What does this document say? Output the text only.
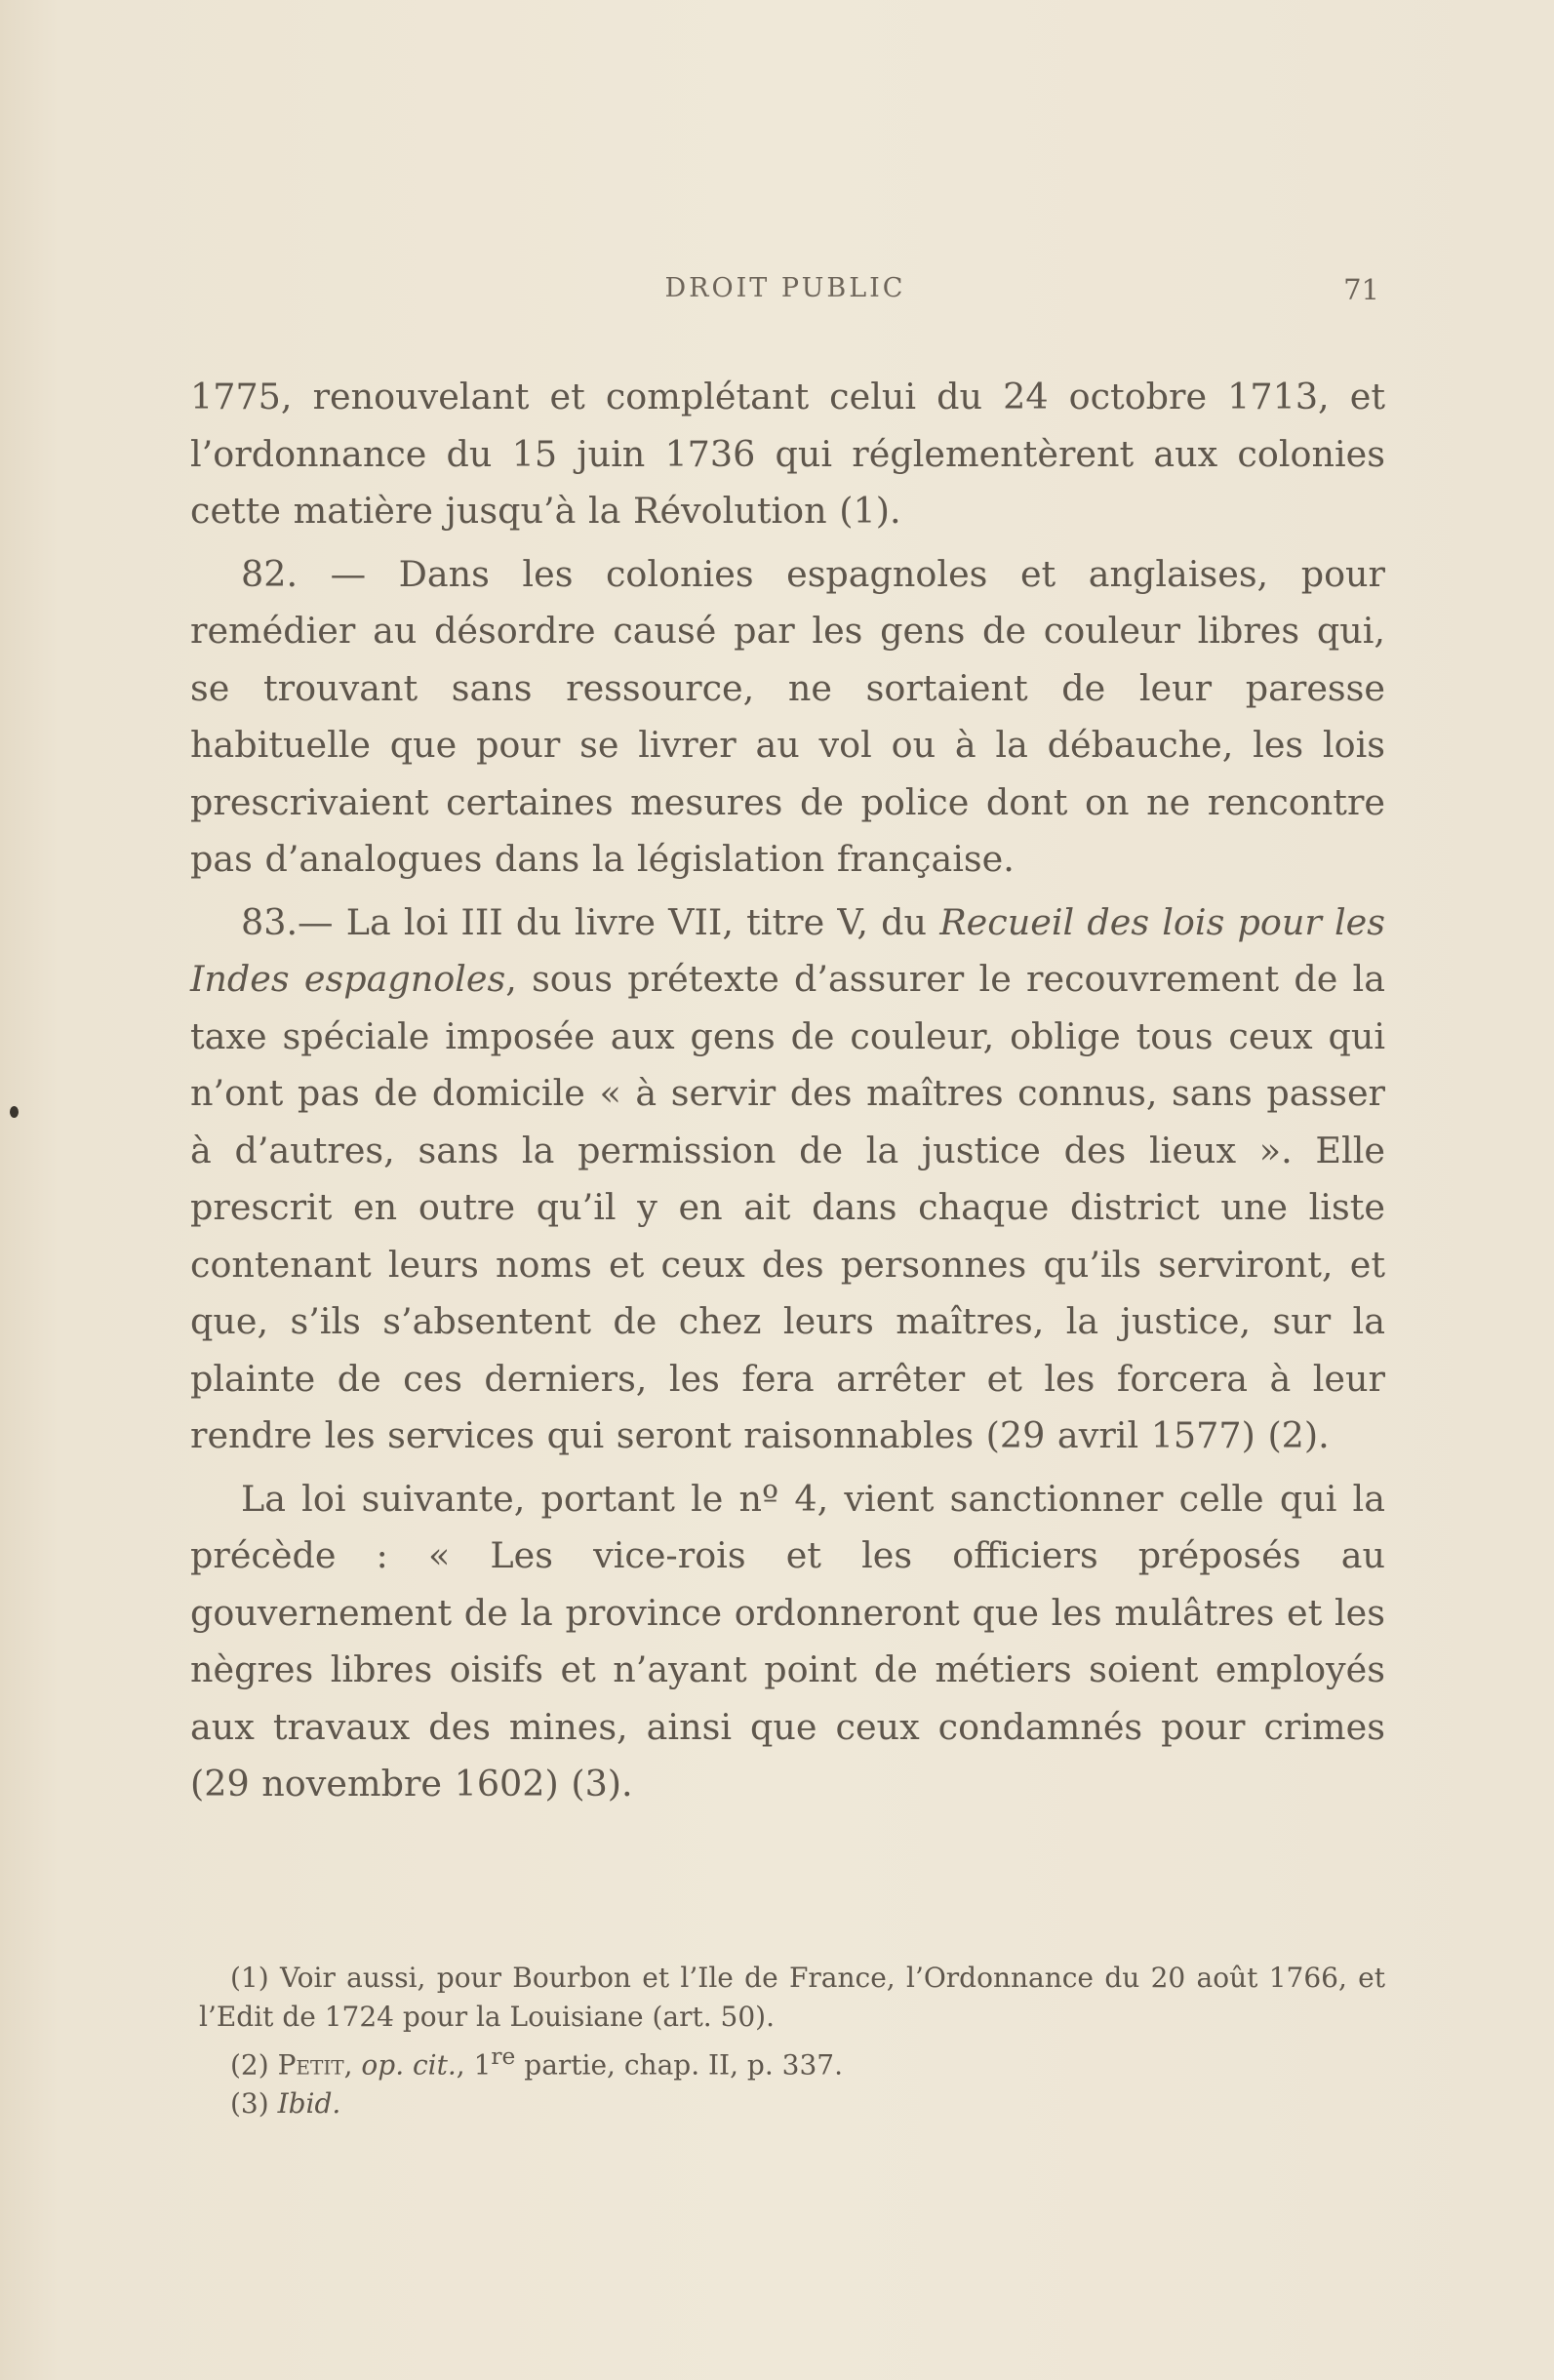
DROIT PUBLIC	71

1775, renouvelant et complétant celui du 24 octobre 1713, et l’ordonnance du 15 juin 1736 qui réglementèrent aux colonies cette matière jusqu’à la Révolution (1).

82. — Dans les colonies espagnoles et anglaises, pour remédier au désordre causé par les gens de couleur libres qui, se trouvant sans ressource, ne sortaient de leur paresse habituelle que pour se livrer au vol ou à la débauche, les lois prescrivaient certaines mesures de police dont on ne rencontre pas d’analogues dans la législation française.

83.— La loi III du livre VII, titre V, du Recueil des lois pour les Indes espagnoles, sous prétexte d’assurer le recouvrement de la taxe spéciale imposée aux gens de couleur, oblige tous ceux qui n’ont pas de domicile « à servir des maîtres connus, sans passer à d’autres, sans la permission de la justice des lieux ». Elle prescrit en outre qu’il y en ait dans chaque district une liste contenant leurs noms et ceux des personnes qu’ils serviront, et que, s’ils s’absentent de chez leurs maîtres, la justice, sur la plainte de ces derniers, les fera arrêter et les forcera à leur rendre les services qui seront raisonnables (29 avril 1577) (2).

La loi suivante, portant le nº 4, vient sanctionner celle qui la précède : « Les vice-rois et les officiers préposés au gouvernement de la province ordonneront que les mulâtres et les nègres libres oisifs et n’ayant point de métiers soient employés aux travaux des mines, ainsi que ceux condamnés pour crimes (29 novembre 1602) (3).

(1) Voir aussi, pour Bourbon et l’Ile de France, l’Ordonnance du 20 août 1766, et l’Edit de 1724 pour la Louisiane (art. 50).

(2) Petit, op. cit., 1re partie, chap. II, p. 337.

(3) Ibid.
